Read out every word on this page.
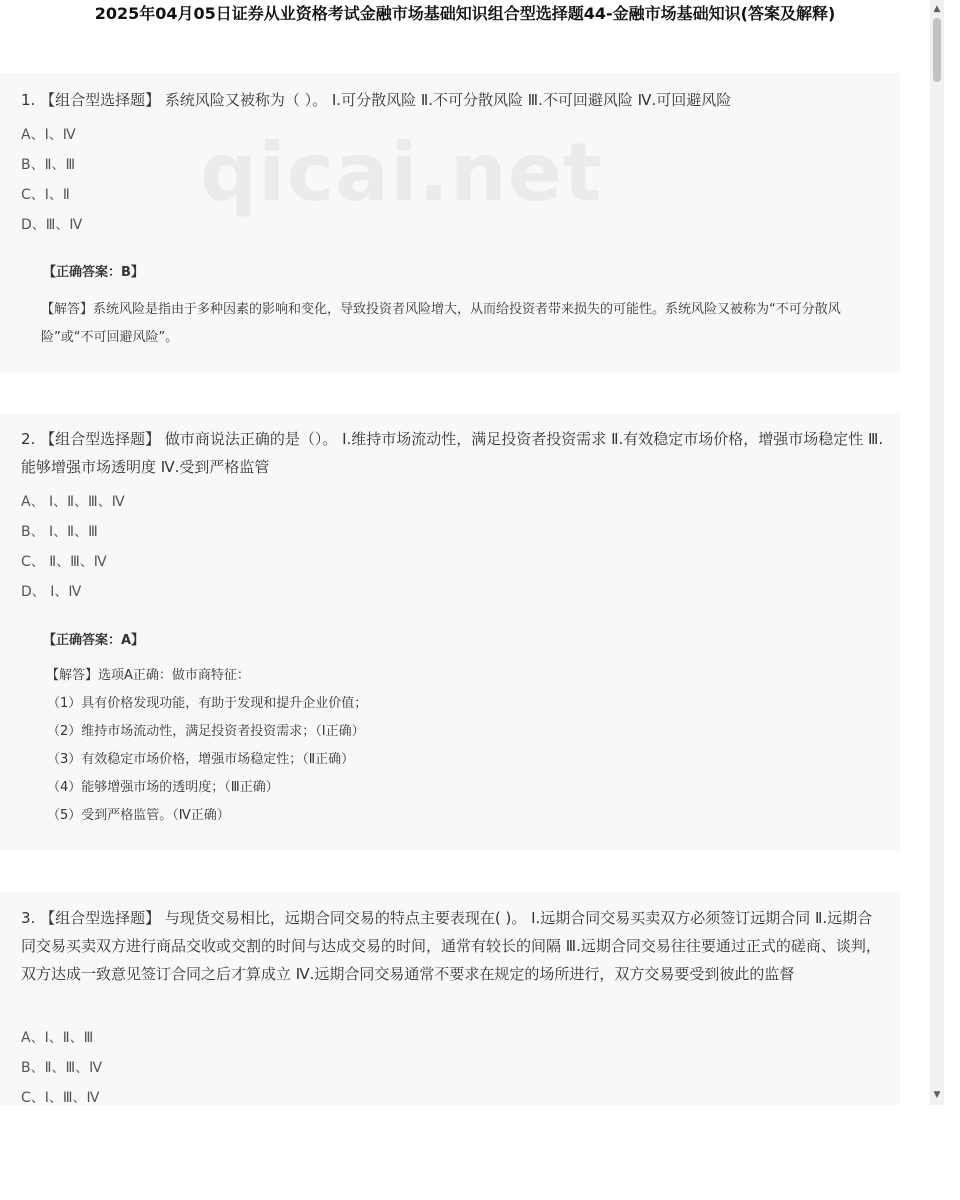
2025年04月05日证券从业资格考试金融市场基础知识组合型选择题44-金融市场基础知识(答案及解释)
1. 【组合型选择题】 系统风险又被称为（ ）。 Ⅰ.可分散风险 Ⅱ.不可分散风险 Ⅲ.不可回避风险 Ⅳ.可回避风险
A、Ⅰ、Ⅳ
B、Ⅱ、Ⅲ
C、Ⅰ、Ⅱ
D、Ⅲ、Ⅳ
【正确答案：B】
【解答】系统风险是指由于多种因素的影响和变化，导致投资者风险增大，从而给投资者带来损失的可能性。系统风险又被称为“不可分散风险”或“不可回避风险”。
2. 【组合型选择题】 做市商说法正确的是（）。 Ⅰ.维持市场流动性，满足投资者投资需求 Ⅱ.有效稳定市场价格，增强市场稳定性 Ⅲ.能够增强市场透明度 Ⅳ.受到严格监管
A、 Ⅰ、Ⅱ、Ⅲ、Ⅳ
B、 Ⅰ、Ⅱ、Ⅲ
C、 Ⅱ、Ⅲ、Ⅳ
D、 Ⅰ、Ⅳ
【正确答案：A】
【解答】选项A正确：做市商特征：
（1）具有价格发现功能，有助于发现和提升企业价值；
（2）维持市场流动性，满足投资者投资需求；（Ⅰ正确）
（3）有效稳定市场价格，增强市场稳定性；（Ⅱ正确）
（4）能够增强市场的透明度；（Ⅲ正确）
（5）受到严格监管。（Ⅳ正确）
3. 【组合型选择题】 与现货交易相比，远期合同交易的特点主要表现在( )。 Ⅰ.远期合同交易买卖双方必须签订远期合同 Ⅱ.远期合同交易买卖双方进行商品交收或交割的时间与达成交易的时间，通常有较长的间隔 Ⅲ.远期合同交易往往要通过正式的磋商、谈判，双方达成一致意见签订合同之后才算成立 Ⅳ.远期合同交易通常不要求在规定的场所进行，双方交易要受到彼此的监督
A、Ⅰ、Ⅱ、Ⅲ
B、Ⅱ、Ⅲ、Ⅳ
C、Ⅰ、Ⅲ、Ⅳ
qicai.net
▲
▼
